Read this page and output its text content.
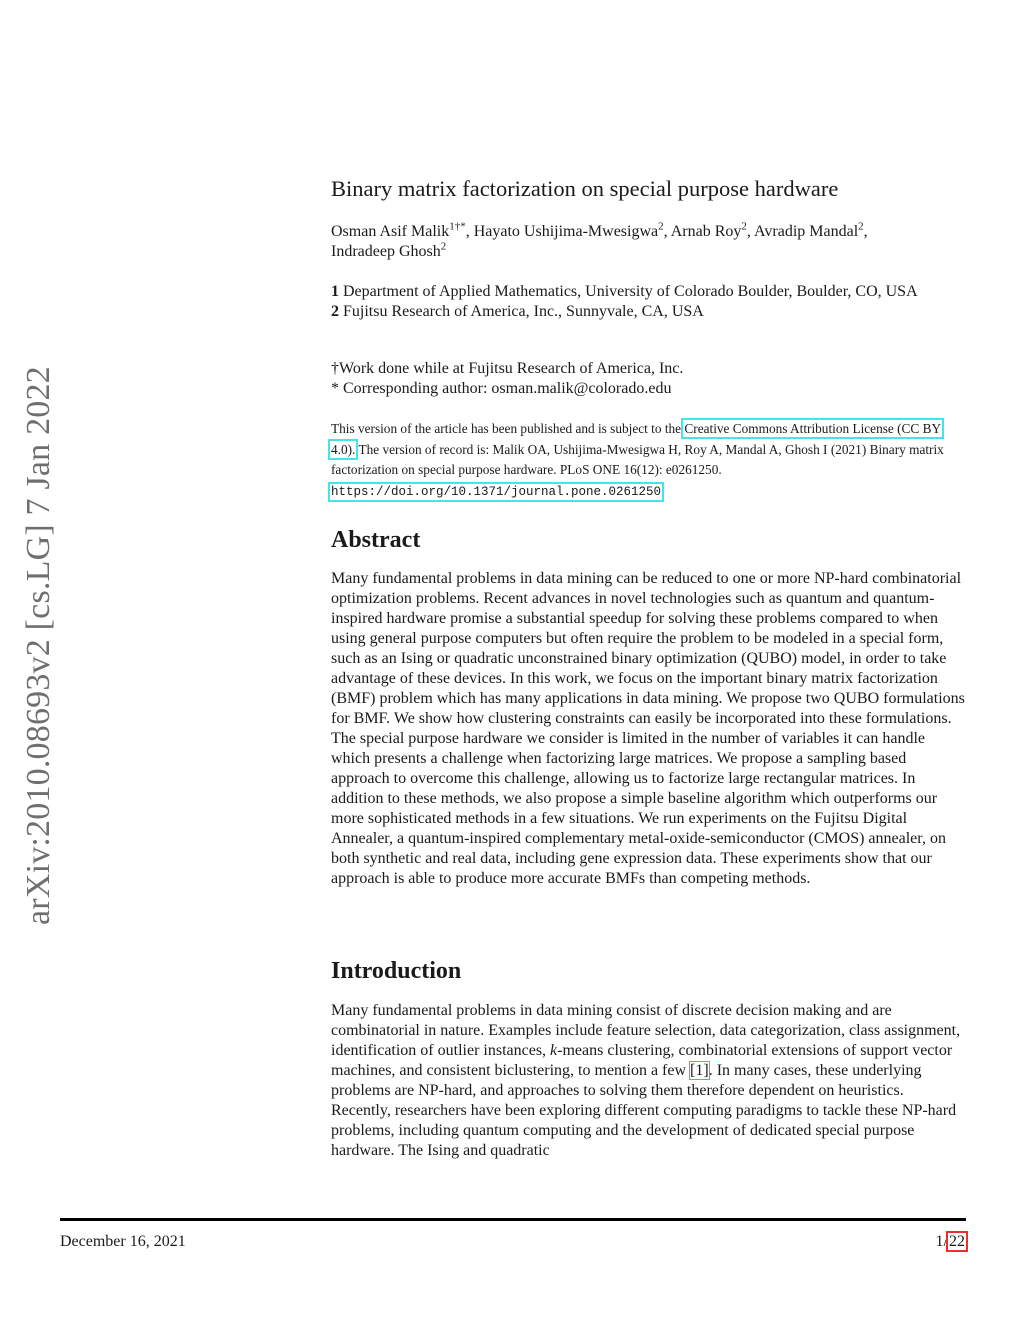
arXiv:2010.08693v2 [cs.LG] 7 Jan 2022
Binary matrix factorization on special purpose hardware
Osman Asif Malik$^{1\dagger*}$, Hayato Ushijima-Mwesigwa$^2$, Arnab Roy$^2$, Avradip Mandal$^2$,
Indradeep Ghosh$^2$

1 Department of Applied Mathematics, University of Colorado Boulder, Boulder, CO, USA

2 Fujitsu Research of America, Inc., Sunnyvale, CA, USA

†Work done while at Fujitsu Research of America, Inc.

* Corresponding author: osman.malik@colorado.edu

This version of the article has been published and is subject to the Creative Commons Attribution License (CC BY 4.0). The version of record is: Malik OA, Ushijima-Mwesigwa H, Roy A, Mandal A, Ghosh I (2021) Binary matrix factorization on special purpose hardware. PLoS ONE 16(12): e0261250. https://doi.org/10.1371/journal.pone.0261250
Abstract
Many fundamental problems in data mining can be reduced to one or more NP-hard combinatorial optimization problems. Recent advances in novel technologies such as quantum and quantum-inspired hardware promise a substantial speedup for solving these problems compared to when using general purpose computers but often require the problem to be modeled in a special form, such as an Ising or quadratic unconstrained binary optimization (QUBO) model, in order to take advantage of these devices. In this work, we focus on the important binary matrix factorization (BMF) problem which has many applications in data mining. We propose two QUBO formulations for BMF. We show how clustering constraints can easily be incorporated into these formulations. The special purpose hardware we consider is limited in the number of variables it can handle which presents a challenge when factorizing large matrices. We propose a sampling based approach to overcome this challenge, allowing us to factorize large rectangular matrices. In addition to these methods, we also propose a simple baseline algorithm which outperforms our more sophisticated methods in a few situations. We run experiments on the Fujitsu Digital Annealer, a quantum-inspired complementary metal-oxide-semiconductor (CMOS) annealer, on both synthetic and real data, including gene expression data. These experiments show that our approach is able to produce more accurate BMFs than competing methods.
Introduction
Many fundamental problems in data mining consist of discrete decision making and are combinatorial in nature. Examples include feature selection, data categorization, class assignment, identification of outlier instances, k-means clustering, combinatorial extensions of support vector machines, and consistent biclustering, to mention a few [1]. In many cases, these underlying problems are NP-hard, and approaches to solving them therefore dependent on heuristics. Recently, researchers have been exploring different computing paradigms to tackle these NP-hard problems, including quantum computing and the development of dedicated special purpose hardware. The Ising and quadratic
December 16, 2021	1/22
